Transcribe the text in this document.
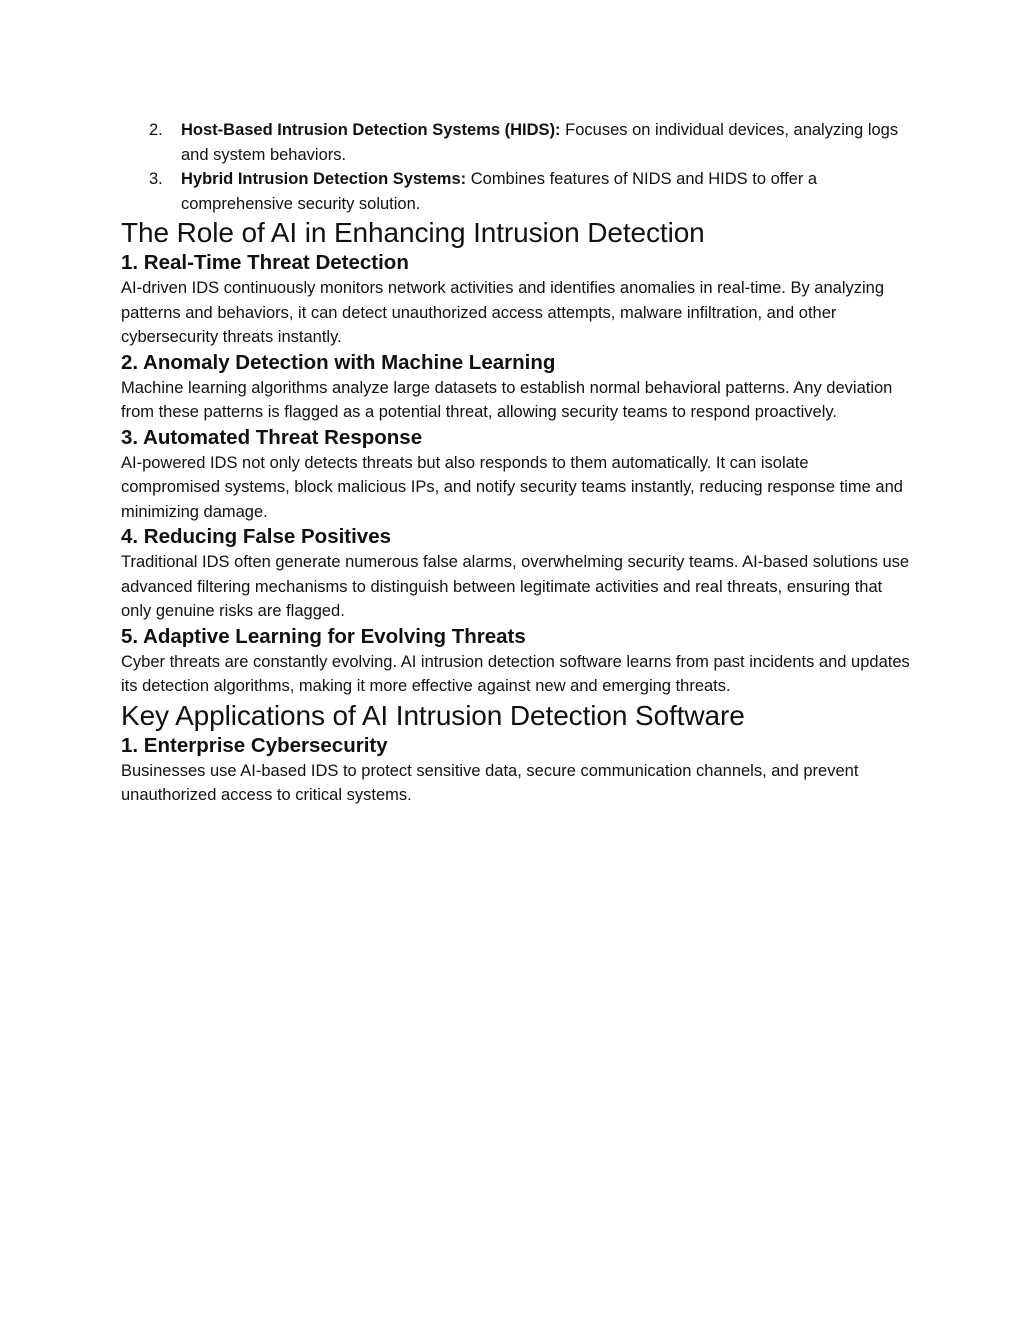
2. Host-Based Intrusion Detection Systems (HIDS): Focuses on individual devices, analyzing logs and system behaviors.
3. Hybrid Intrusion Detection Systems: Combines features of NIDS and HIDS to offer a comprehensive security solution.
The Role of AI in Enhancing Intrusion Detection
1. Real-Time Threat Detection

AI-driven IDS continuously monitors network activities and identifies anomalies in real-time. By analyzing patterns and behaviors, it can detect unauthorized access attempts, malware infiltration, and other cybersecurity threats instantly.

2. Anomaly Detection with Machine Learning

Machine learning algorithms analyze large datasets to establish normal behavioral patterns. Any deviation from these patterns is flagged as a potential threat, allowing security teams to respond proactively.

3. Automated Threat Response

AI-powered IDS not only detects threats but also responds to them automatically. It can isolate compromised systems, block malicious IPs, and notify security teams instantly, reducing response time and minimizing damage.

4. Reducing False Positives

Traditional IDS often generate numerous false alarms, overwhelming security teams. AI-based solutions use advanced filtering mechanisms to distinguish between legitimate activities and real threats, ensuring that only genuine risks are flagged.

5. Adaptive Learning for Evolving Threats

Cyber threats are constantly evolving. AI intrusion detection software learns from past incidents and updates its detection algorithms, making it more effective against new and emerging threats.

Key Applications of AI Intrusion Detection Software
1. Enterprise Cybersecurity

Businesses use AI-based IDS to protect sensitive data, secure communication channels, and prevent unauthorized access to critical systems.
